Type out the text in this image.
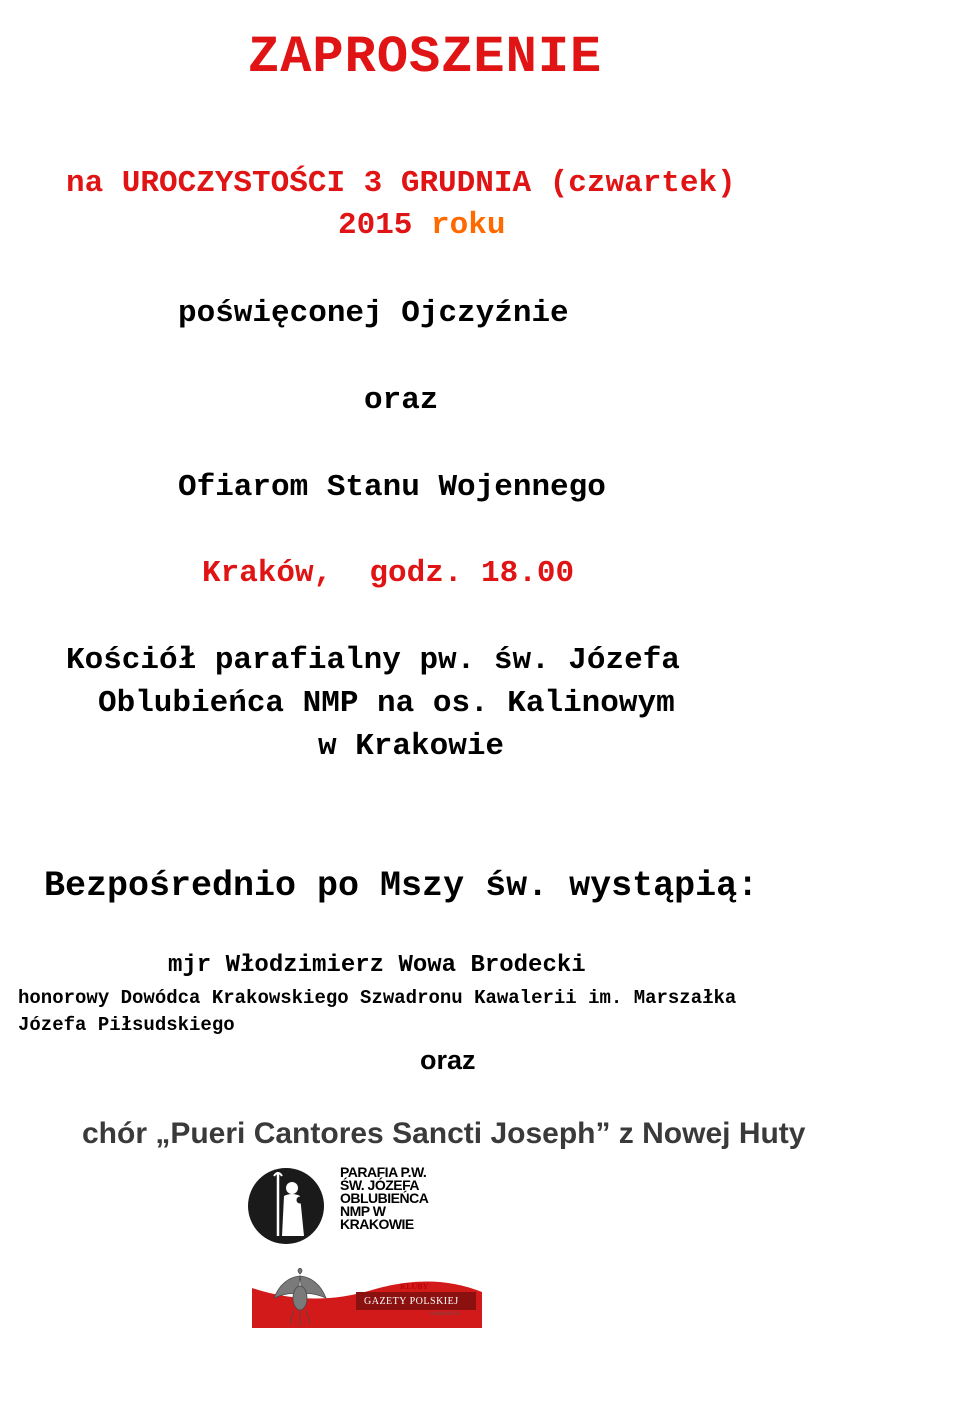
ZAPROSZENIE
na UROCZYSTOŚCI 3 GRUDNIA (czwartek)
2015 roku
poświęconej Ojczyźnie
oraz
Ofiarom Stanu Wojennego
Kraków,  godz. 18.00
Kościół parafialny pw. św. Józefa
Oblubieńca NMP na os. Kalinowym
w Krakowie
Bezpośrednio po Mszy św. wystąpią:
mjr Włodzimierz Wowa Brodecki
honorowy Dowódca Krakowskiego Szwadronu Kawalerii im. Marszałka
Józefa Piłsudskiego
oraz
chór „Pueri Cantores Sancti Joseph” z Nowej Huty
PARAFIA P.W.
ŚW. JÓZEFA
OBLUBIEŃCA
NMP W
KRAKOWIE
KLUBY
GAZETY POLSKIEJ
NOWA HUTA
